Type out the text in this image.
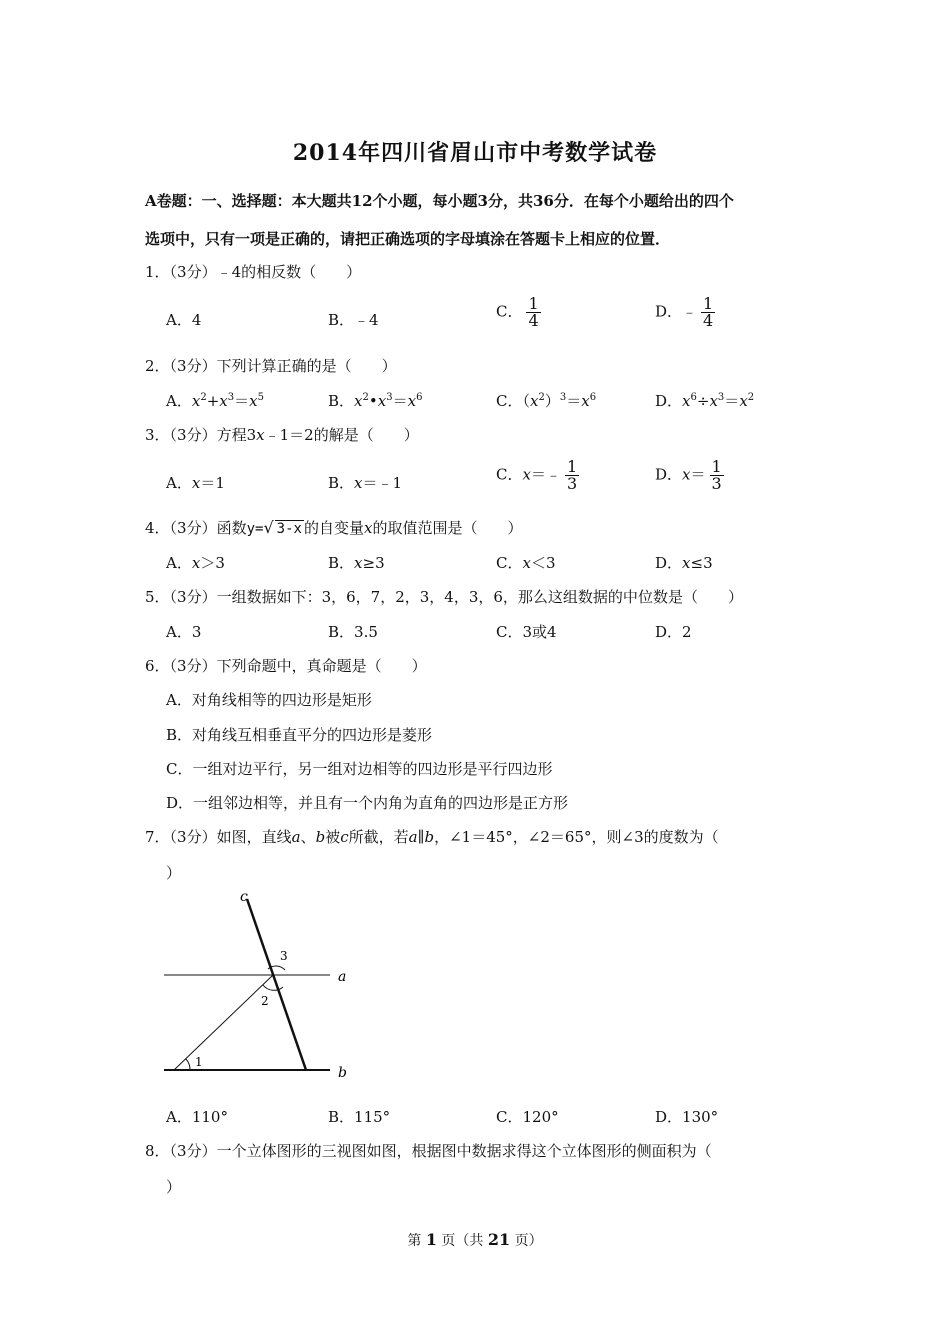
2014年四川省眉山市中考数学试卷
A卷题：一、选择题：本大题共12个小题，每小题3分，共36分．在每个小题给出的四个
选项中，只有一项是正确的，请把正确选项的字母填涂在答题卡上相应的位置．
1．（3分）﹣4的相反数（　　）
A．4	B．﹣4	C． $\frac{1}{4}$	D．﹣ $\frac{1}{4}$
2．（3分）下列计算正确的是（　　）
A．$x^2+x^3=x^5$	B．$x^2•x^3=x^6$	C．$(x^2)^3=x^6$	D．$x^6\div x^3=x^2$
3．（3分）方程3x﹣1＝2的解是（　　）
A．x＝1	B．x＝﹣1	C．x＝﹣ $\frac{1}{3}$	D．$x= \frac{1}{3}$
4．（3分）函数y=√ 3-x 的自变量x的取值范围是（　　）
A．x＞3	B．x≥3	C．x＜3	D．x≤3
5．（3分）一组数据如下：3，6，7，2，3，4，3，6，那么这组数据的中位数是（　　）
A．3	B．3.5	C．3或4	D．2
6．（3分）下列命题中，真命题是（　　）
A．对角线相等的四边形是矩形
B．对角线互相垂直平分的四边形是菱形
C．一组对边平行，另一组对边相等的四边形是平行四边形
D．一组邻边相等，并且有一个内角为直角的四边形是正方形
7．（3分）如图，直线a、b被c所截，若a∥b，∠1＝45°，∠2＝65°，则∠3的度数为（
）
c
a
b
1
2
3
A．110°	B．115°	C．120°	D．130°
8．（3分）一个立体图形的三视图如图，根据图中数据求得这个立体图形的侧面积为（
）
第 1 页（共 21 页）
